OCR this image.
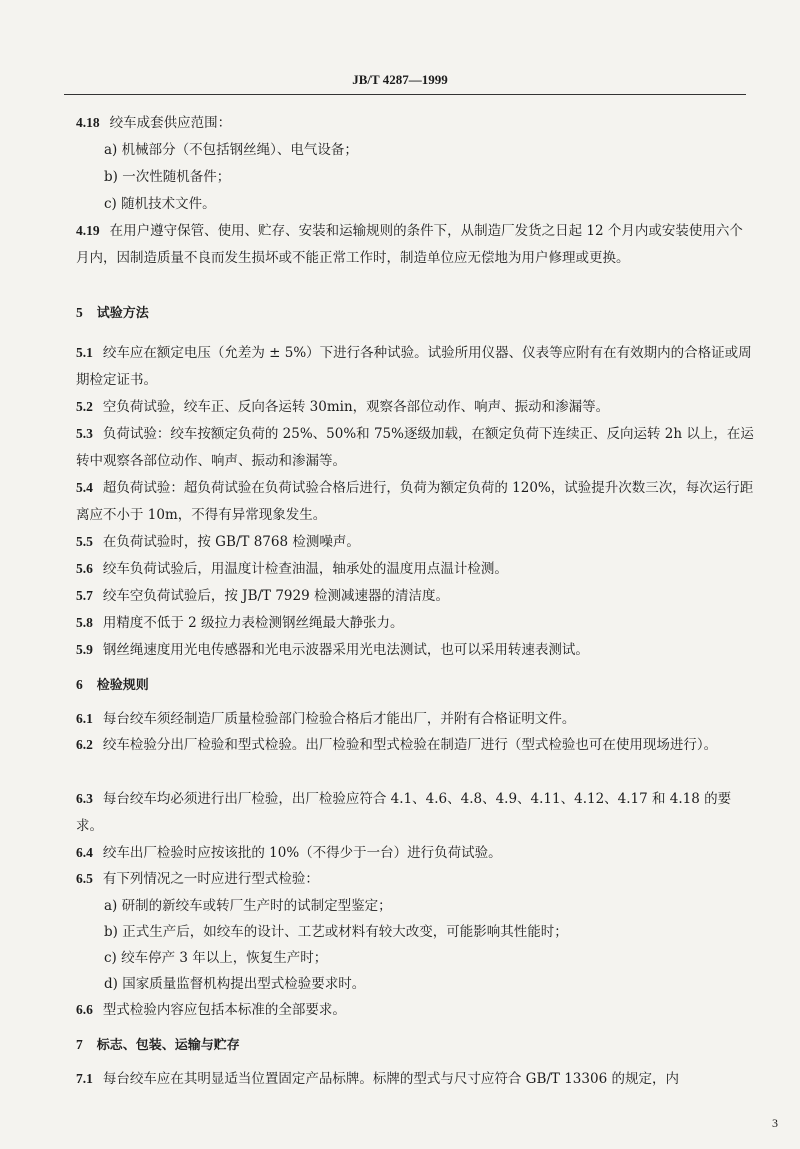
JB/T 4287—1999
4.18 绞车成套供应范围：
a) 机械部分（不包括钢丝绳）、电气设备；
b) 一次性随机备件；
c) 随机技术文件。
4.19 在用户遵守保管、使用、贮存、安装和运输规则的条件下，从制造厂发货之日起 12 个月内或安装使用六个月内，因制造质量不良而发生损坏或不能正常工作时，制造单位应无偿地为用户修理或更换。
5 试验方法
5.1 绞车应在额定电压（允差为 ± 5%）下进行各种试验。试验所用仪器、仪表等应附有在有效期内的合格证或周期检定证书。
5.2 空负荷试验，绞车正、反向各运转 30min，观察各部位动作、响声、振动和渗漏等。
5.3 负荷试验：绞车按额定负荷的 25%、50%和 75%逐级加载，在额定负荷下连续正、反向运转 2h 以上，在运转中观察各部位动作、响声、振动和渗漏等。
5.4 超负荷试验：超负荷试验在负荷试验合格后进行，负荷为额定负荷的 120%，试验提升次数三次，每次运行距离应不小于 10m，不得有异常现象发生。
5.5 在负荷试验时，按 GB/T 8768 检测噪声。
5.6 绞车负荷试验后，用温度计检查油温，轴承处的温度用点温计检测。
5.7 绞车空负荷试验后，按 JB/T 7929 检测减速器的清洁度。
5.8 用精度不低于 2 级拉力表检测钢丝绳最大静张力。
5.9 钢丝绳速度用光电传感器和光电示波器采用光电法测试，也可以采用转速表测试。
6 检验规则
6.1 每台绞车须经制造厂质量检验部门检验合格后才能出厂，并附有合格证明文件。
6.2 绞车检验分出厂检验和型式检验。出厂检验和型式检验在制造厂进行（型式检验也可在使用现场进行）。
6.3 每台绞车均必须进行出厂检验，出厂检验应符合 4.1、4.6、4.8、4.9、4.11、4.12、4.17 和 4.18 的要求。
6.4 绞车出厂检验时应按该批的 10%（不得少于一台）进行负荷试验。
6.5 有下列情况之一时应进行型式检验：
a) 研制的新绞车或转厂生产时的试制定型鉴定；
b) 正式生产后，如绞车的设计、工艺或材料有较大改变，可能影响其性能时；
c) 绞车停产 3 年以上，恢复生产时；
d) 国家质量监督机构提出型式检验要求时。
6.6 型式检验内容应包括本标准的全部要求。
7 标志、包装、运输与贮存
7.1 每台绞车应在其明显适当位置固定产品标牌。标牌的型式与尺寸应符合 GB/T 13306 的规定，内
3
